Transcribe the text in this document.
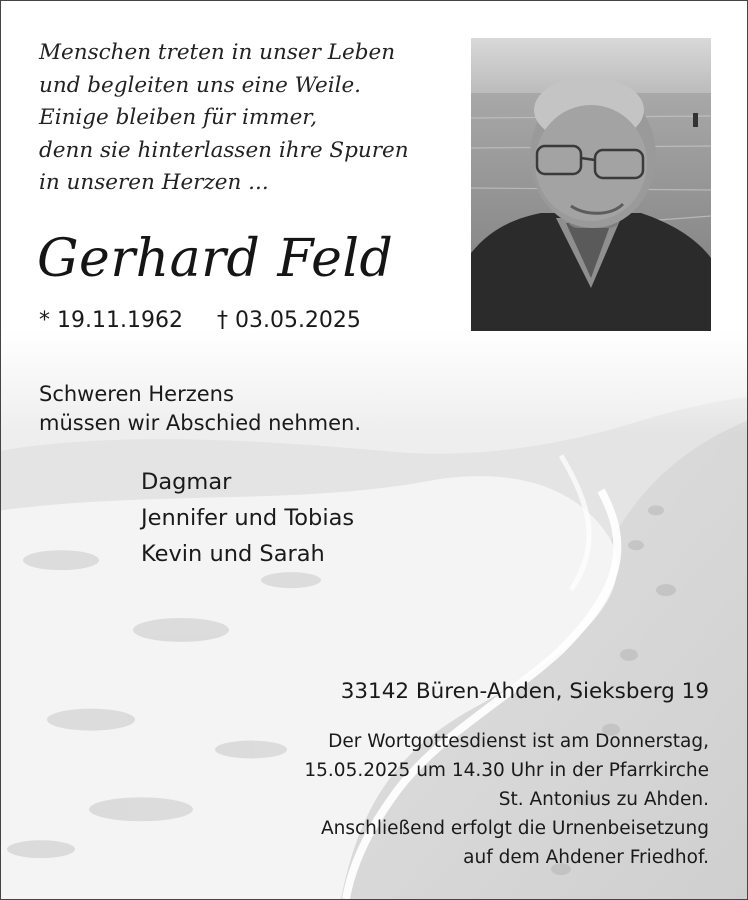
Menschen treten in unser Leben
und begleiten uns eine Weile.
Einige bleiben für immer,
denn sie hinterlassen ihre Spuren
in unseren Herzen ...
Gerhard Feld
* 19.11.1962 † 03.05.2025
Schweren Herzens
müssen wir Abschied nehmen.
Dagmar
Jennifer und Tobias
Kevin und Sarah
33142 Büren-Ahden, Sieksberg 19
Der Wortgottesdienst ist am Donnerstag,
15.05.2025 um 14.30 Uhr in der Pfarrkirche
St. Antonius zu Ahden.
Anschließend erfolgt die Urnenbeisetzung
auf dem Ahdener Friedhof.
